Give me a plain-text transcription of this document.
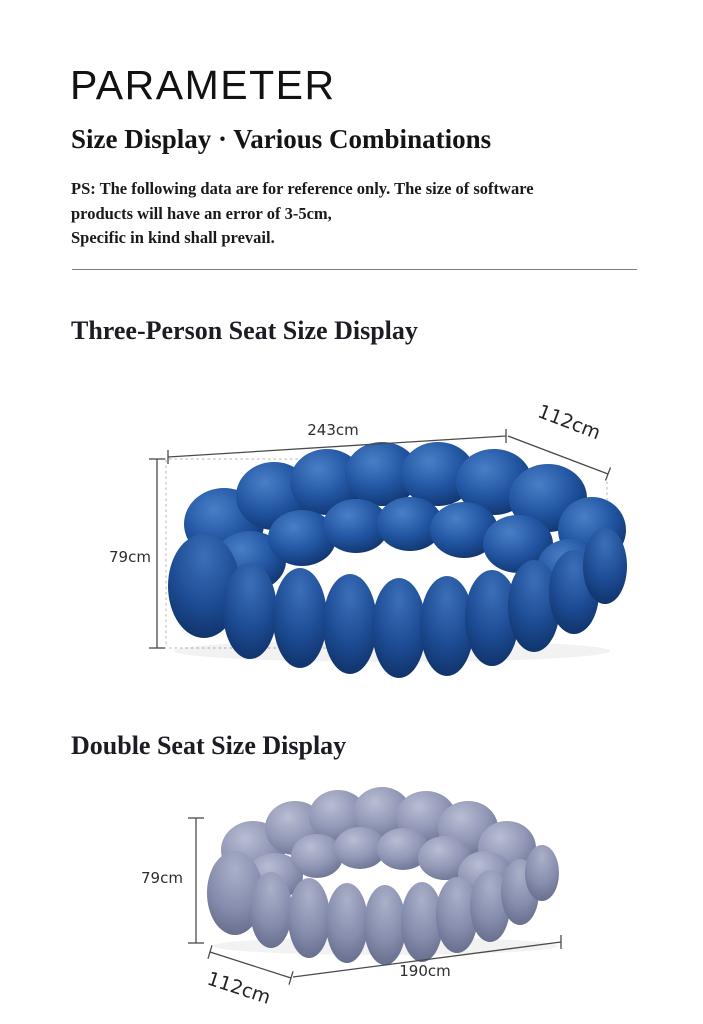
PARAMETER
Size Display · Various Combinations

PS: The following data are for reference only. The size of software products will have an error of 3-5cm,

Specific in kind shall prevail.

Three-Person Seat Size Display
243cm	112cm
79cm
Double Seat Size Display
79cm
112cm	190cm
